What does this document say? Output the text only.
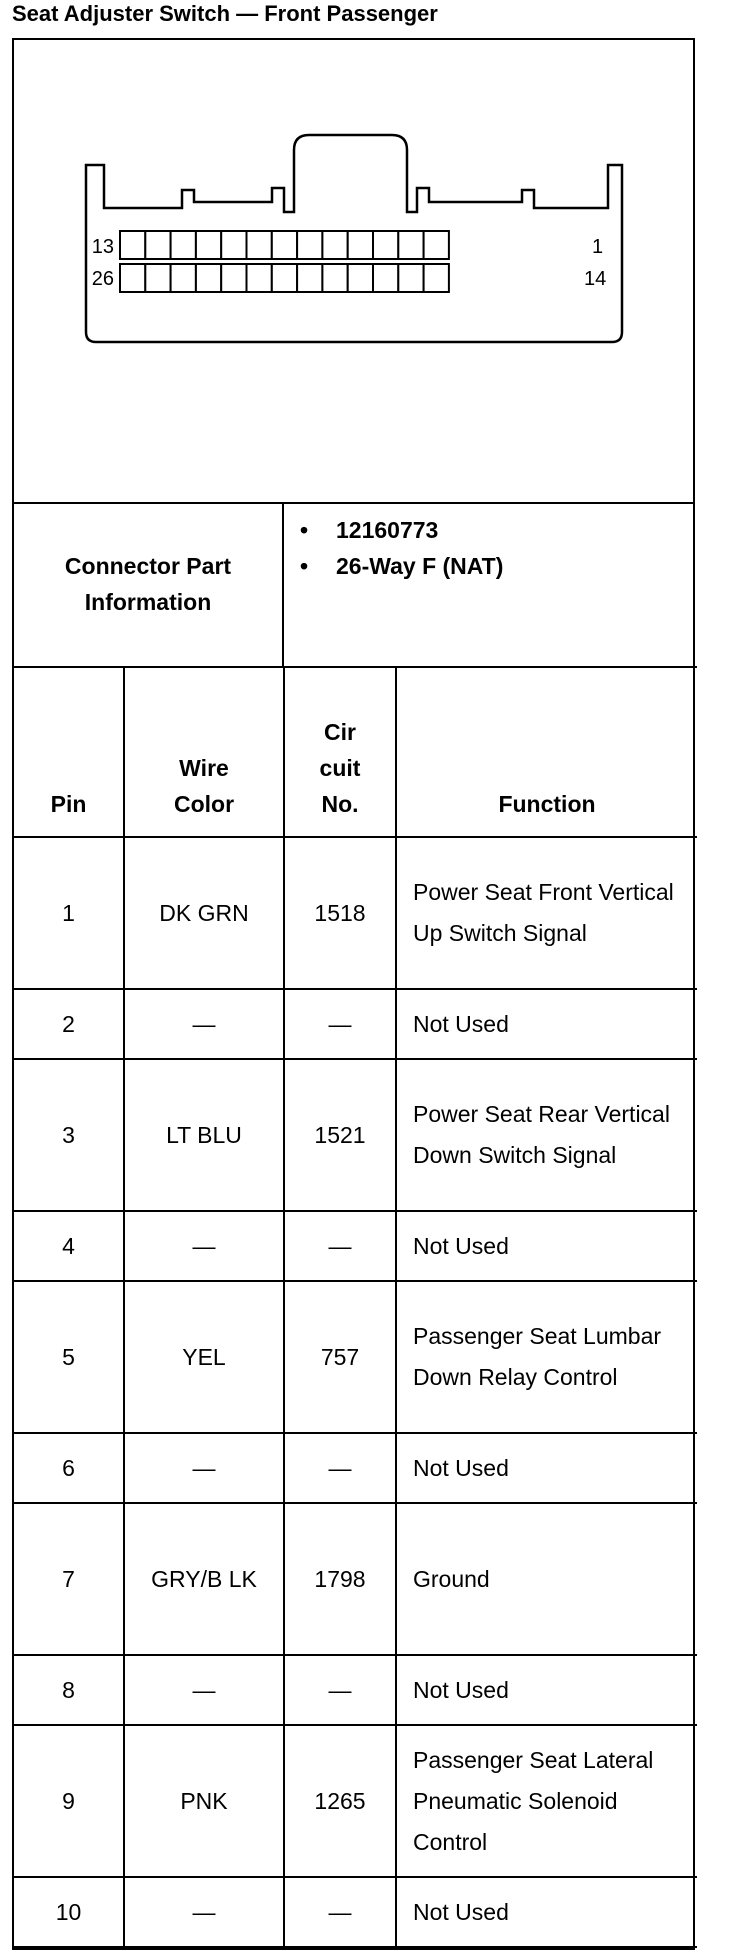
Seat Adjuster Switch — Front Passenger
13
26
1
14
Connector Part Information
• 12160773
• 26-Way F (NAT)
Pin	Wire Color	Cir cuit No.	Function
1	DK GRN	1518	Power Seat Front Vertical Up Switch Signal
2	—	—	Not Used
3	LT BLU	1521	Power Seat Rear Vertical Down Switch Signal
4	—	—	Not Used
5	YEL	757	Passenger Seat Lumbar Down Relay Control
6	—	—	Not Used
7	GRY/B LK	1798	Ground
8	—	—	Not Used
9	PNK	1265	Passenger Seat Lateral Pneumatic Solenoid Control
10	—	—	Not Used
